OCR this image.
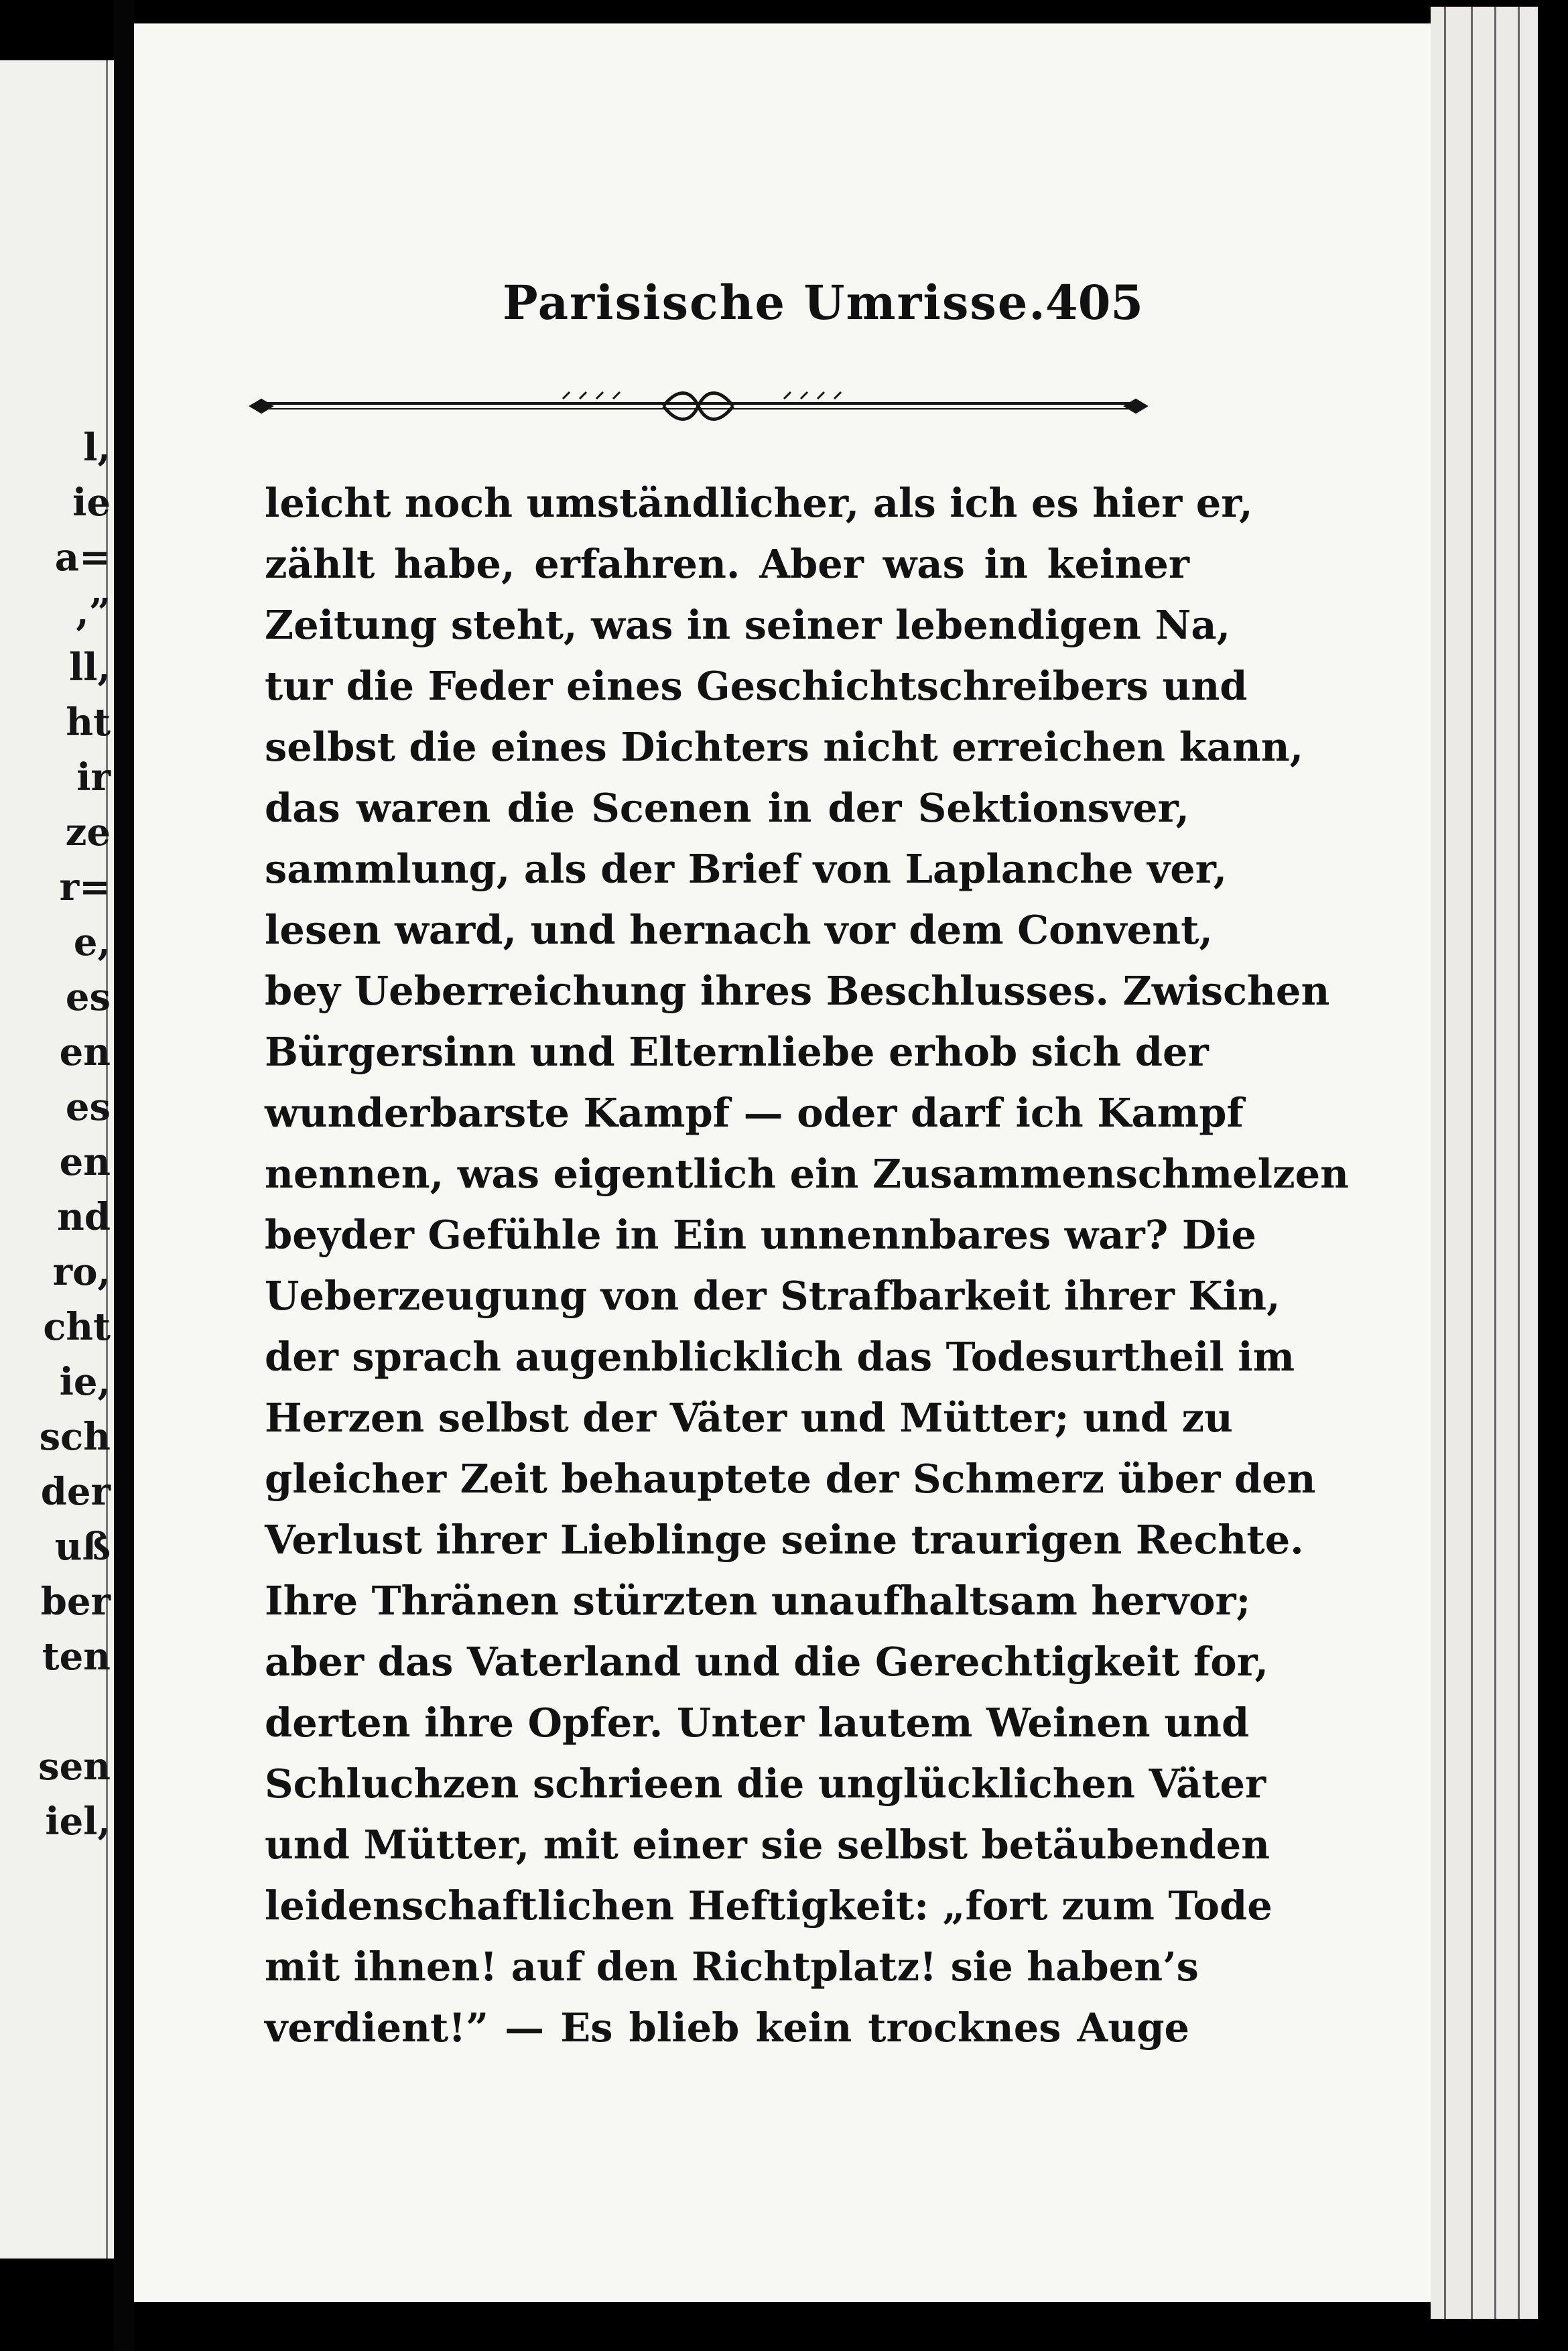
l,
ie
a=
,”
ll,
ht
ir
ze
r=
e,
es
en
es
en
nd
ro,
cht
ie,
sch
der
uß
ber
ten
sen
iel,
Parisische Umrisse.
405
leicht noch umständlicher, als ich es hier er,
zählt habe, erfahren. Aber was in keiner
Zeitung steht, was in seiner lebendigen Na,
tur die Feder eines Geschichtschreibers und
selbst die eines Dichters nicht erreichen kann,
das waren die Scenen in der Sektionsver,
sammlung, als der Brief von Laplanche ver,
lesen ward, und hernach vor dem Convent,
bey Ueberreichung ihres Beschlusses. Zwischen
Bürgersinn und Elternliebe erhob sich der
wunderbarste Kampf — oder darf ich Kampf
nennen, was eigentlich ein Zusammenschmelzen
beyder Gefühle in Ein unnennbares war? Die
Ueberzeugung von der Strafbarkeit ihrer Kin,
der sprach augenblicklich das Todesurtheil im
Herzen selbst der Väter und Mütter; und zu
gleicher Zeit behauptete der Schmerz über den
Verlust ihrer Lieblinge seine traurigen Rechte.
Ihre Thränen stürzten unaufhaltsam hervor;
aber das Vaterland und die Gerechtigkeit for,
derten ihre Opfer. Unter lautem Weinen und
Schluchzen schrieen die unglücklichen Väter
und Mütter, mit einer sie selbst betäubenden
leidenschaftlichen Heftigkeit: „fort zum Tode
mit ihnen! auf den Richtplatz! sie haben’s
verdient!” — Es blieb kein trocknes Auge
